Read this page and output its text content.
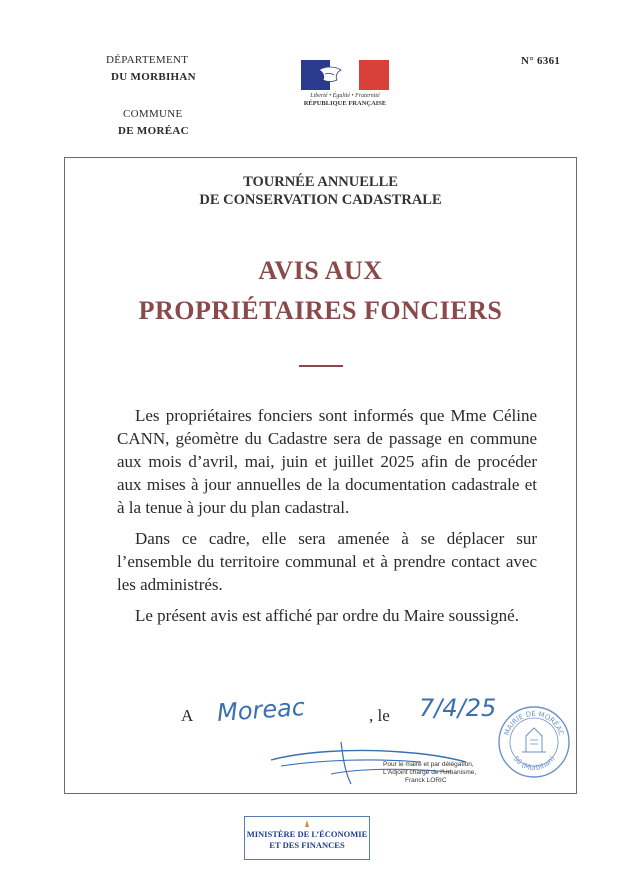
DÉPARTEMENT
DU MORBIHAN
COMMUNE
DE MORÉAC
N° 6361
Liberté • Égalité • Fraternité
RÉPUBLIQUE FRANÇAISE
TOURNÉE ANNUELLE
DE CONSERVATION CADASTRALE
AVIS AUX
PROPRIÉTAIRES FONCIERS

Les propriétaires fonciers sont informés que Mme Céline CANN, géomètre du Cadastre sera de passage en commune aux mois d’avril, mai, juin et juillet 2025 afin de procéder aux mises à jour annuelles de la documentation cadastrale et à la tenue à jour du plan cadastral.

Dans ce cadre, elle sera amenée à se déplacer sur l’ensemble du territoire communal et à prendre contact avec les administrés.

Le présent avis est affiché par ordre du Maire soussigné.

A Moreac	, le 7/4/25
Pour le maire et par délégation,
L'Adjoint chargé de l'Urbanisme,
Franck LORIC
MAIRIE DE MORÉAC
56 (Morbihan)
MINISTÈRE DE L’ÉCONOMIE
ET DES FINANCES
